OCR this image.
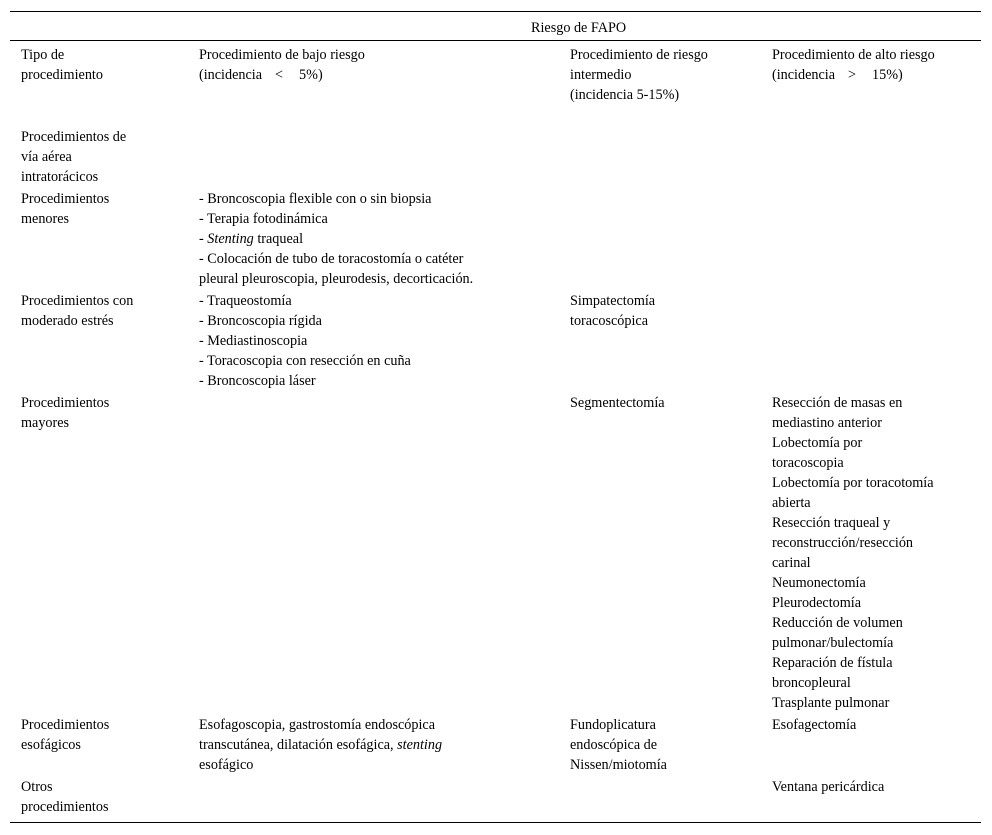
Riesgo de FAPO
Tipo de
procedimiento
Procedimiento de bajo riesgo
(incidencia < 5%)
Procedimiento de riesgo
intermedio
(incidencia 5-15%)
Procedimiento de alto riesgo
(incidencia > 15%)
Procedimientos de
vía aérea
intratorácicos
Procedimientos
menores
- Broncoscopia flexible con o sin biopsia
- Terapia fotodinámica
- Stenting traqueal
- Colocación de tubo de toracostomía o catéter
pleural pleuroscopia, pleurodesis, decorticación.
Procedimientos con
moderado estrés
- Traqueostomía
- Broncoscopia rígida
- Mediastinoscopia
- Toracoscopia con resección en cuña
- Broncoscopia láser
Simpatectomía
toracoscópica
Procedimientos
mayores
Segmentectomía	Resección de masas en
mediastino anterior
Lobectomía por
toracoscopia
Lobectomía por toracotomía
abierta
Resección traqueal y
reconstrucción/resección
carinal
Neumonectomía
Pleurodectomía
Reducción de volumen
pulmonar/bulectomía
Reparación de fístula
broncopleural
Trasplante pulmonar
Procedimientos
esofágicos
Esofagoscopia, gastrostomía endoscópica
transcutánea, dilatación esofágica, stenting
esofágico
Fundoplicatura
endoscópica de
Nissen/miotomía
Esofagectomía
Otros
procedimientos
Ventana pericárdica
